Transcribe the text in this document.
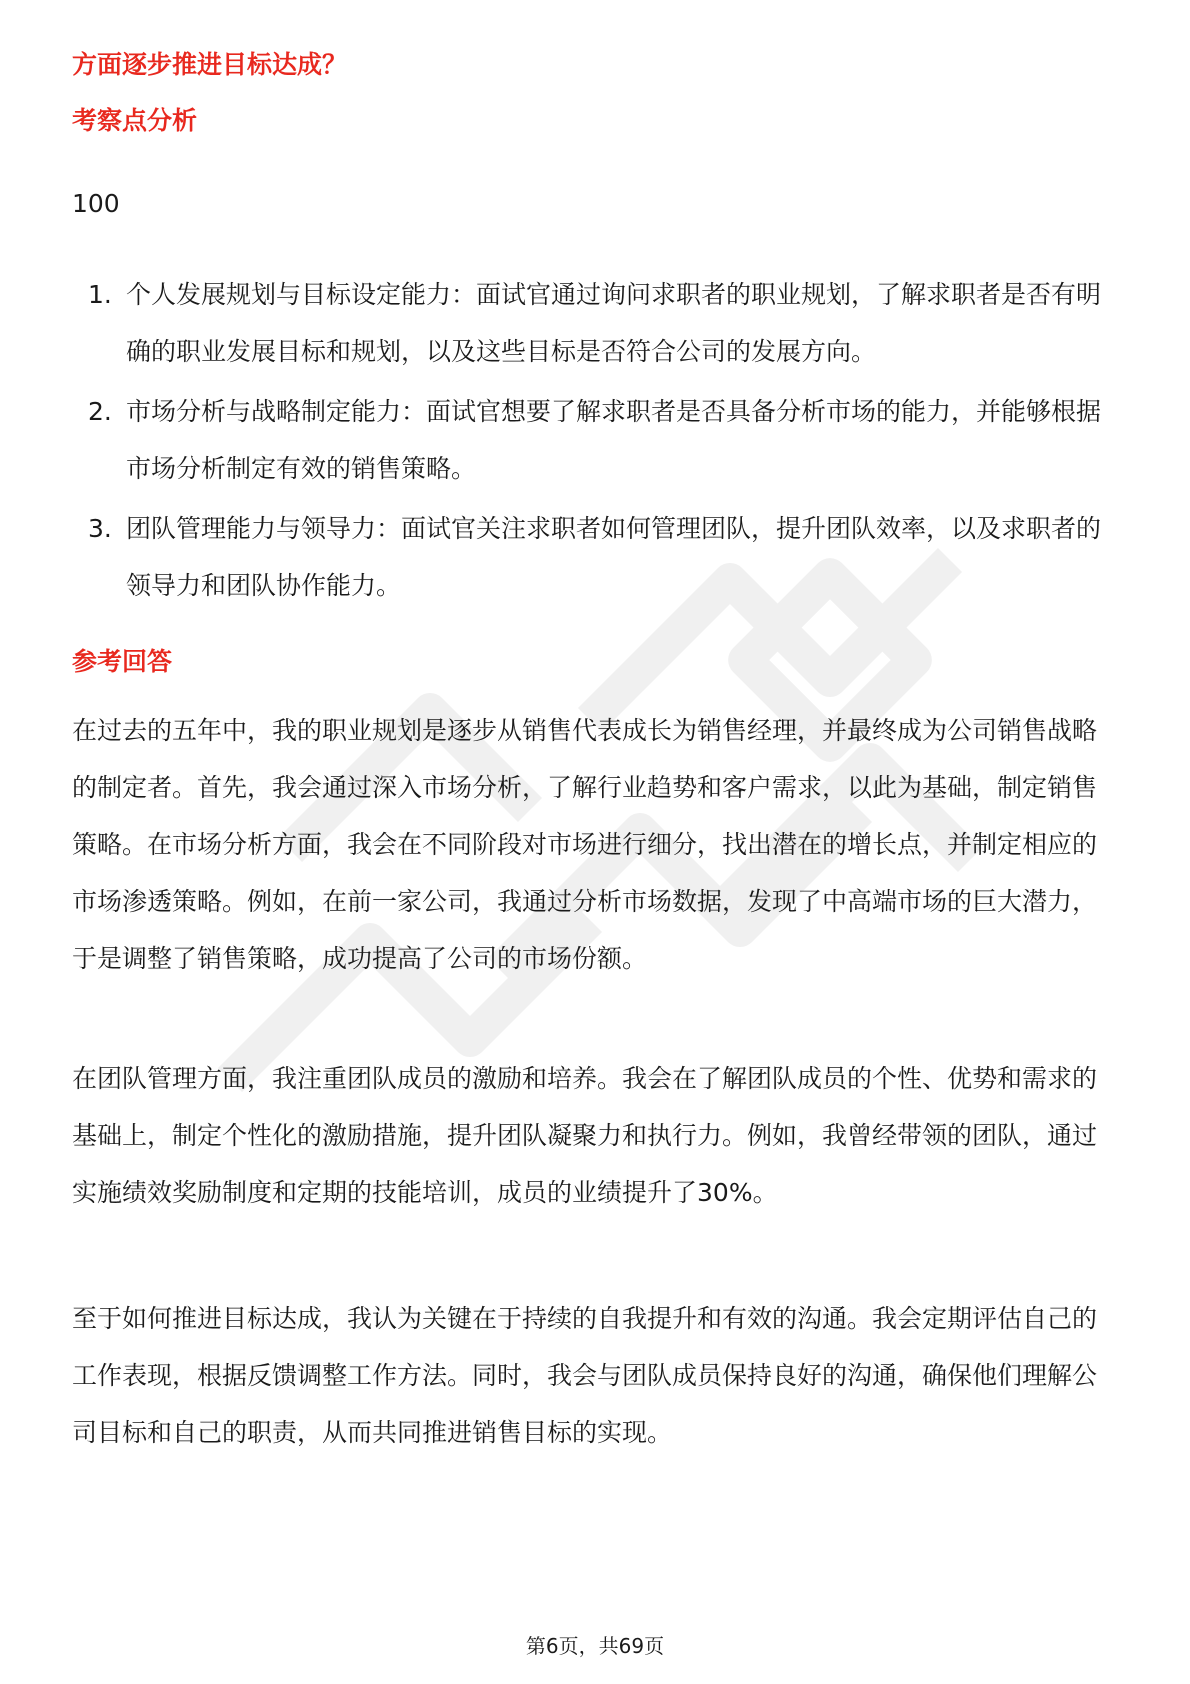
方面逐步推进目标达成？
考察点分析
100
1. 个人发展规划与目标设定能力：面试官通过询问求职者的职业规划，了解求职者是否有明确的职业发展目标和规划，以及这些目标是否符合公司的发展方向。
2. 市场分析与战略制定能力：面试官想要了解求职者是否具备分析市场的能力，并能够根据市场分析制定有效的销售策略。
3. 团队管理能力与领导力：面试官关注求职者如何管理团队，提升团队效率，以及求职者的领导力和团队协作能力。
参考回答

在过去的五年中，我的职业规划是逐步从销售代表成长为销售经理，并最终成为公司销售战略的制定者。首先，我会通过深入市场分析，了解行业趋势和客户需求，以此为基础，制定销售策略。在市场分析方面，我会在不同阶段对市场进行细分，找出潜在的增长点，并制定相应的市场渗透策略。例如，在前一家公司，我通过分析市场数据，发现了中高端市场的巨大潜力，于是调整了销售策略，成功提高了公司的市场份额。

在团队管理方面，我注重团队成员的激励和培养。我会在了解团队成员的个性、优势和需求的基础上，制定个性化的激励措施，提升团队凝聚力和执行力。例如，我曾经带领的团队，通过实施绩效奖励制度和定期的技能培训，成员的业绩提升了30%。

至于如何推进目标达成，我认为关键在于持续的自我提升和有效的沟通。我会定期评估自己的工作表现，根据反馈调整工作方法。同时，我会与团队成员保持良好的沟通，确保他们理解公司目标和自己的职责，从而共同推进销售目标的实现。

第6页，共69页
